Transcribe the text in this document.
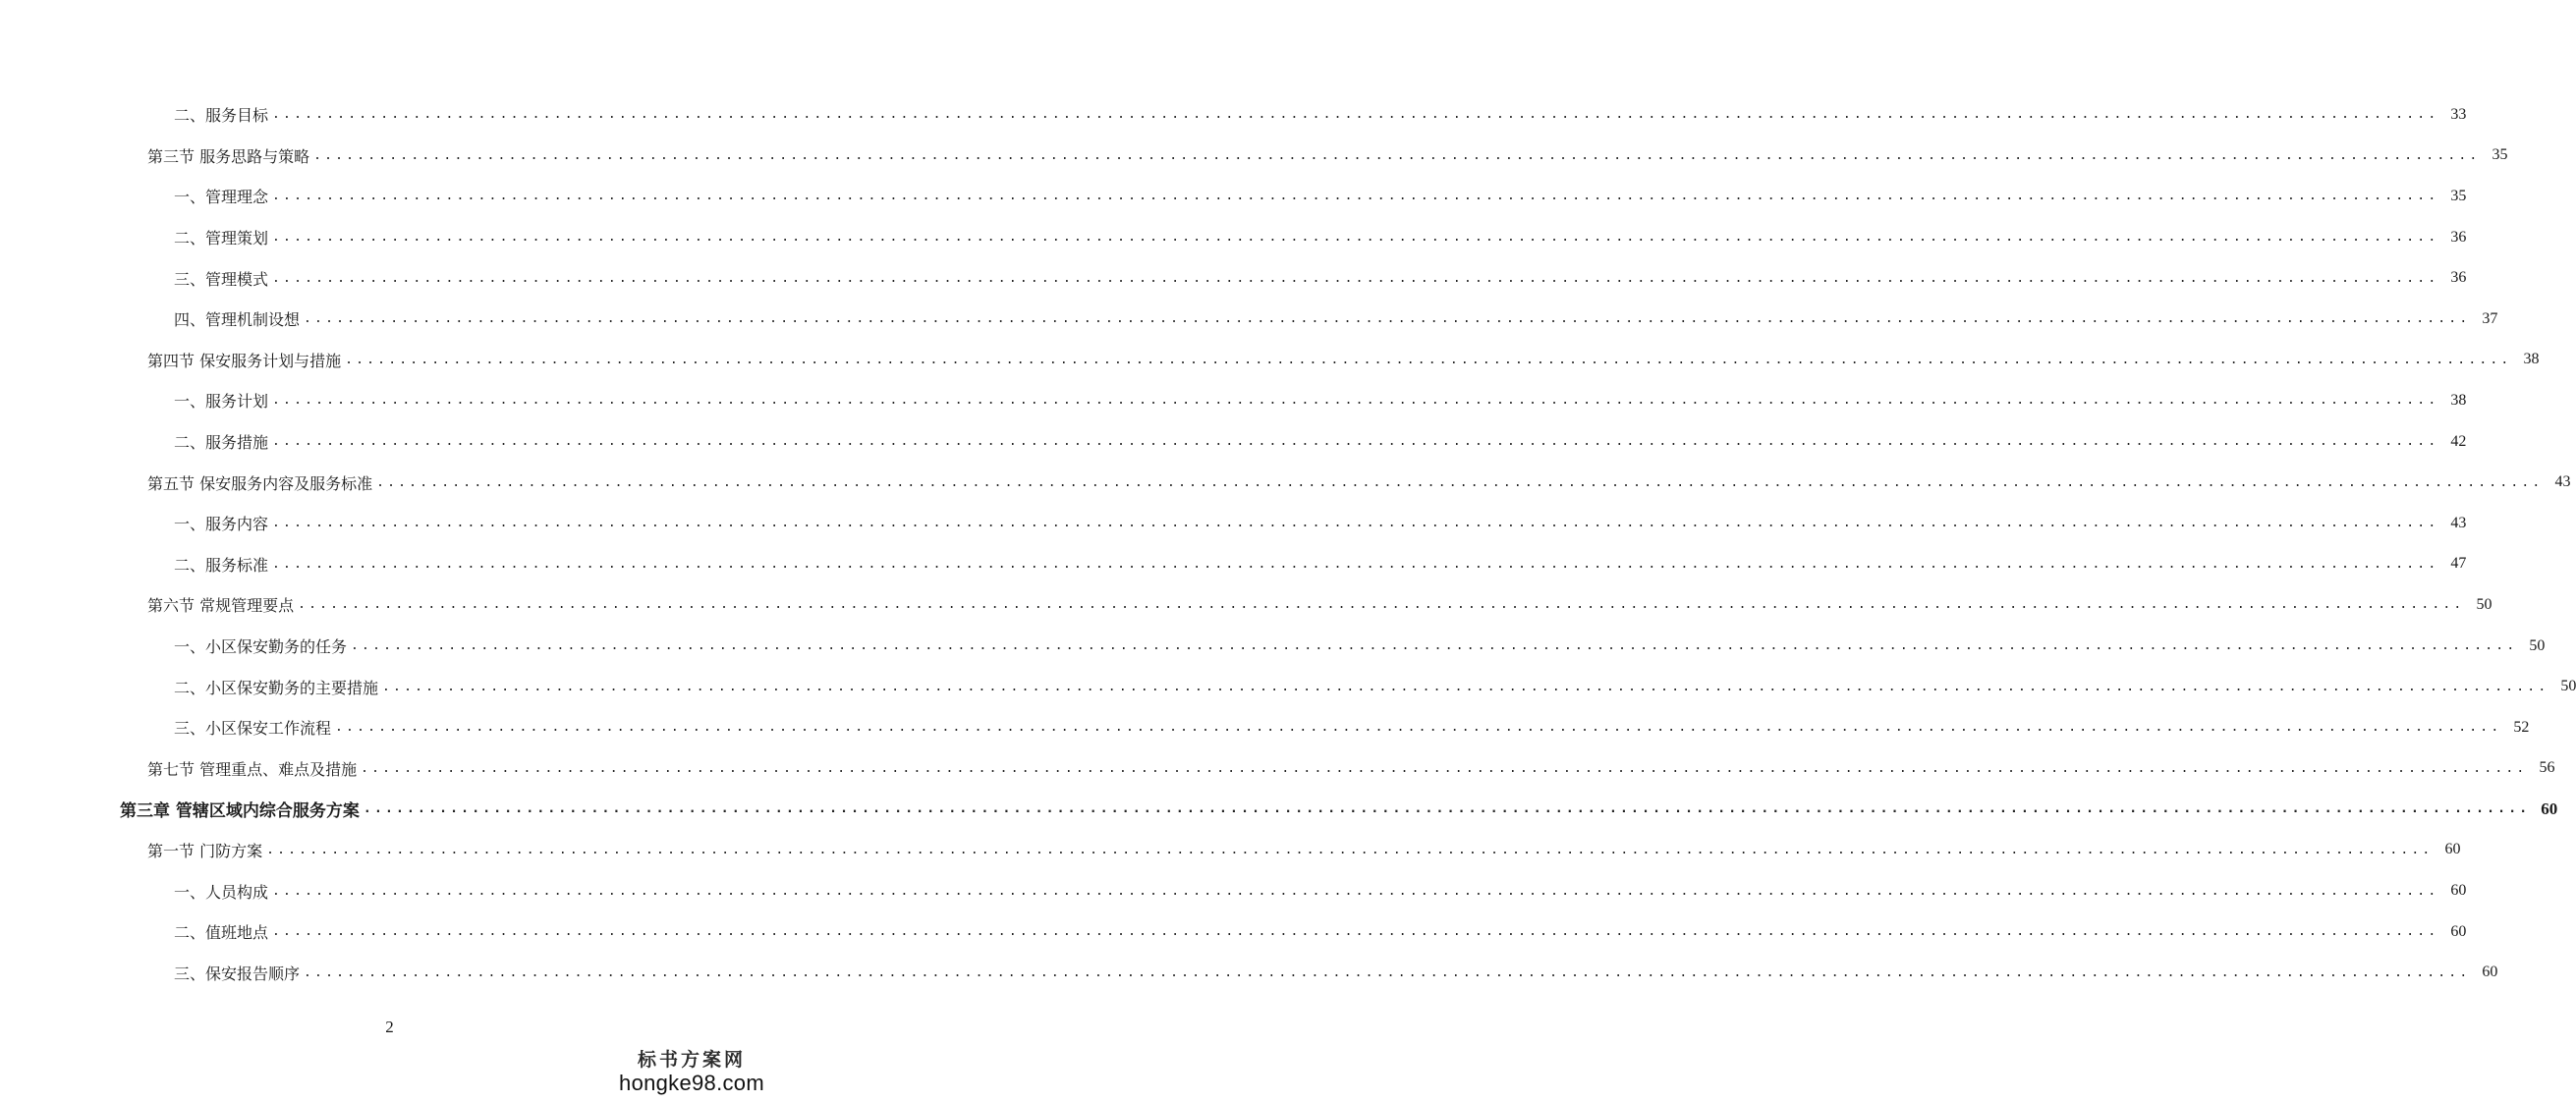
二、服务目标 ........................................................................................................................................................................................................ 33
第三节 服务思路与策略 ........................................................................................................................................................................................................ 35
一、管理理念 ........................................................................................................................................................................................................ 35
二、管理策划 ........................................................................................................................................................................................................ 36
三、管理模式 ........................................................................................................................................................................................................ 36
四、管理机制设想 ........................................................................................................................................................................................................ 37
第四节 保安服务计划与措施 ........................................................................................................................................................................................................ 38
一、服务计划 ........................................................................................................................................................................................................ 38
二、服务措施 ........................................................................................................................................................................................................ 42
第五节 保安服务内容及服务标准 ........................................................................................................................................................................................................ 43
一、服务内容 ........................................................................................................................................................................................................ 43
二、服务标准 ........................................................................................................................................................................................................ 47
第六节 常规管理要点 ........................................................................................................................................................................................................ 50
一、小区保安勤务的任务 ........................................................................................................................................................................................................ 50
二、小区保安勤务的主要措施 ........................................................................................................................................................................................................ 50
三、小区保安工作流程 ........................................................................................................................................................................................................ 52
第七节 管理重点、难点及措施 ........................................................................................................................................................................................................ 56
第三章 管辖区域内综合服务方案 ........................................................................................................................................................................................................ 60
第一节 门防方案 ........................................................................................................................................................................................................ 60
一、人员构成 ........................................................................................................................................................................................................ 60
二、值班地点 ........................................................................................................................................................................................................ 60
三、保安报告顺序 ........................................................................................................................................................................................................ 60
2
标书方案网
hongke98.com
